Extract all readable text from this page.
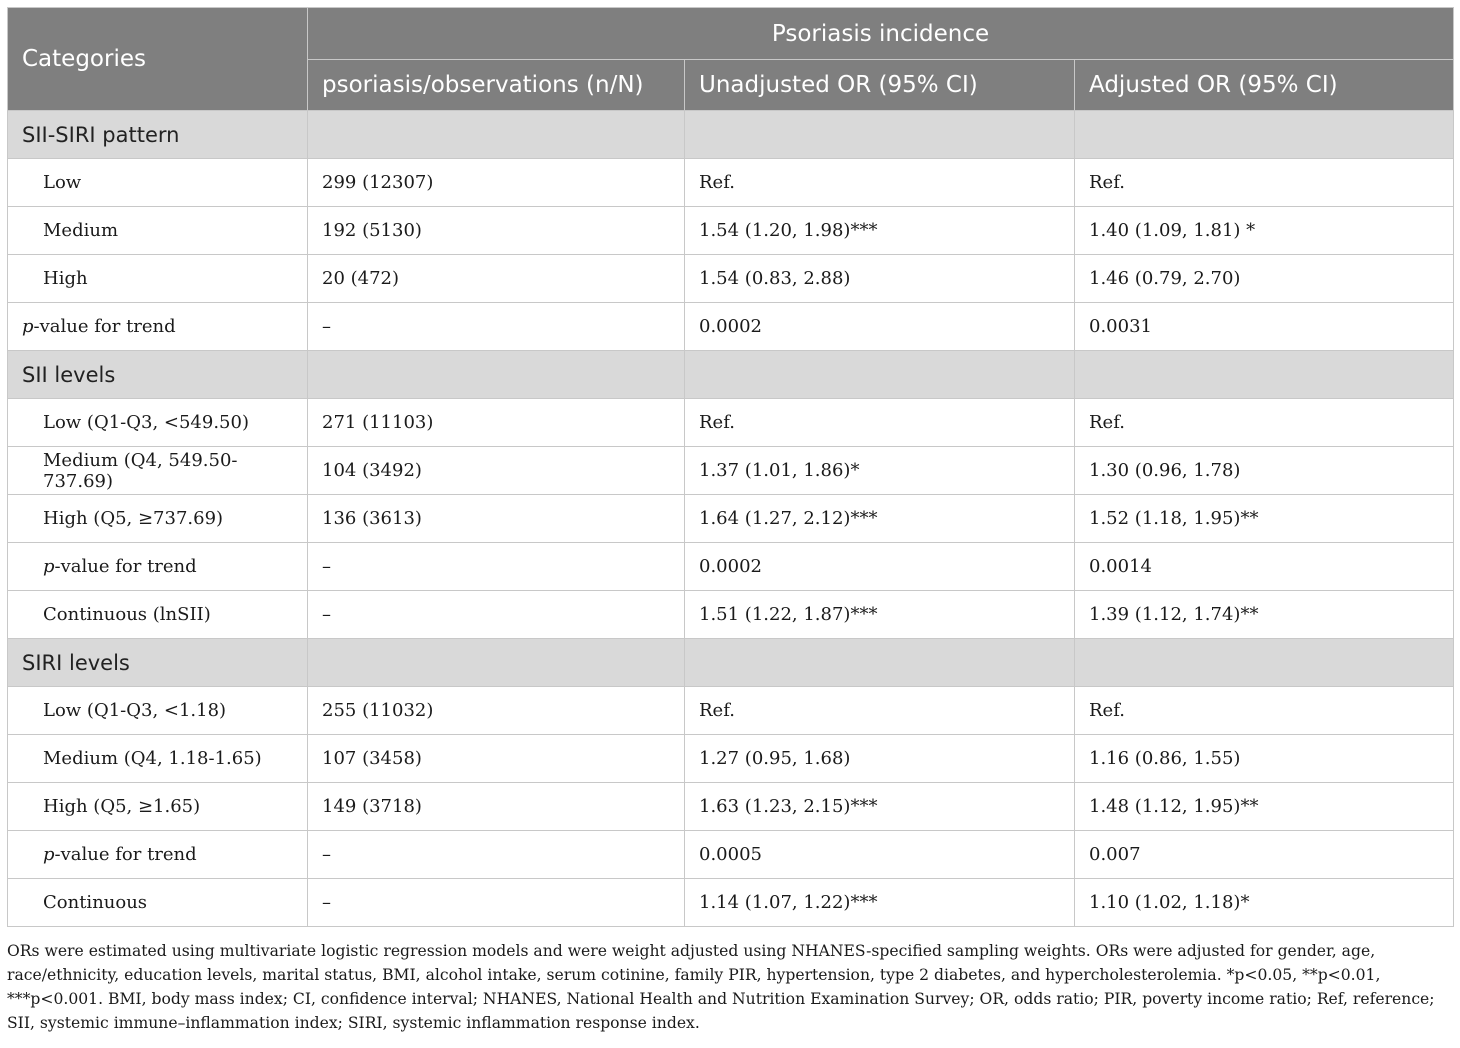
Categories	Psoriasis incidence		
	psoriasis/observations (n/N)	Unadjusted OR (95% CI)	Adjusted OR (95% CI)
SII-SIRI pattern			
Low	299 (12307)	Ref.	Ref.
Medium	192 (5130)	1.54 (1.20, 1.98)***	1.40 (1.09, 1.81) *
High	20 (472)	1.54 (0.83, 2.88)	1.46 (0.79, 2.70)
p-value for trend	–	0.0002	0.0031
SII levels			
Low (Q1-Q3, <549.50)	271 (11103)	Ref.	Ref.
Medium (Q4, 549.50-737.69)	104 (3492)	1.37 (1.01, 1.86)*	1.30 (0.96, 1.78)
High (Q5, ≥737.69)	136 (3613)	1.64 (1.27, 2.12)***	1.52 (1.18, 1.95)**
p-value for trend	–	0.0002	0.0014
Continuous (lnSII)	–	1.51 (1.22, 1.87)***	1.39 (1.12, 1.74)**
SIRI levels			
Low (Q1-Q3, <1.18)	255 (11032)	Ref.	Ref.
Medium (Q4, 1.18-1.65)	107 (3458)	1.27 (0.95, 1.68)	1.16 (0.86, 1.55)
High (Q5, ≥1.65)	149 (3718)	1.63 (1.23, 2.15)***	1.48 (1.12, 1.95)**
p-value for trend	–	0.0005	0.007
Continuous	–	1.14 (1.07, 1.22)***	1.10 (1.02, 1.18)*
ORs were estimated using multivariate logistic regression models and were weight adjusted using NHANES-specified sampling weights. ORs were adjusted for gender, age, race/ethnicity, education levels, marital status, BMI, alcohol intake, serum cotinine, family PIR, hypertension, type 2 diabetes, and hypercholesterolemia. *p<0.05, **p<0.01, ***p<0.001. BMI, body mass index; CI, confidence interval; NHANES, National Health and Nutrition Examination Survey; OR, odds ratio; PIR, poverty income ratio; Ref, reference; SII, systemic immune–inflammation index; SIRI, systemic inflammation response index.
